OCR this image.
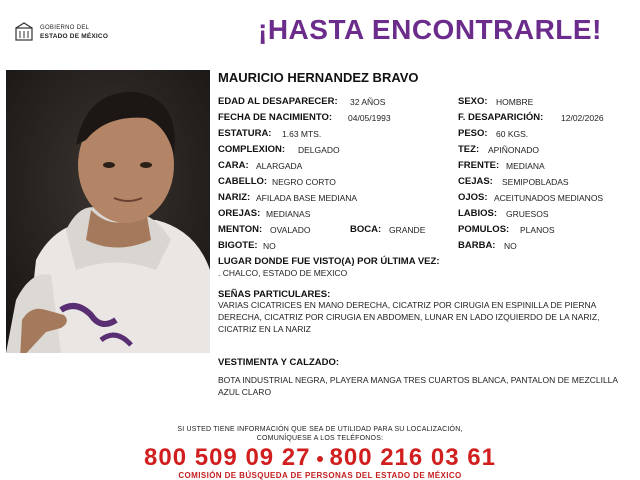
GOBIERNO DEL
ESTADO DE MÉXICO	¡HASTA ENCONTRARLE!
MAURICIO HERNANDEZ BRAVO
EDAD AL DESAPARECER: 32 AÑOS
FECHA DE NACIMIENTO: 04/05/1993
ESTATURA: 1.63 MTS.
COMPLEXION: DELGADO
CARA: ALARGADA
CABELLO: NEGRO CORTO
NARIZ: AFILADA BASE MEDIANA
OREJAS: MEDIANAS
MENTON: OVALADO
BIGOTE: NO
BOCA: GRANDE
SEXO: HOMBRE
F. DESAPARICIÓN: 12/02/2026
PESO: 60 KGS.
TEZ: APIÑONADO
FRENTE: MEDIANA
CEJAS: SEMIPOBLADAS
OJOS: ACEITUNADOS MEDIANOS
LABIOS: GRUESOS
POMULOS: PLANOS
BARBA: NO
LUGAR DONDE FUE VISTO(A) POR ÚLTIMA VEZ:
. CHALCO, ESTADO DE MEXICO
SEÑAS PARTICULARES:
VARIAS CICATRICES EN MANO DERECHA, CICATRIZ POR CIRUGIA EN ESPINILLA DE PIERNA DERECHA, CICATRIZ POR CIRUGIA EN ABDOMEN, LUNAR EN LADO IZQUIERDO DE LA NARIZ, CICATRIZ EN LA NARIZ
VESTIMENTA Y CALZADO:
BOTA INDUSTRIAL NEGRA, PLAYERA MANGA TRES CUARTOS BLANCA, PANTALON DE MEZCLILLA AZUL CLARO
SI USTED TIENE INFORMACIÓN QUE SEA DE UTILIDAD PARA SU LOCALIZACIÓN,
COMUNÍQUESE A LOS TELÉFONOS:
800 509 09 27 800 216 03 61
COMISIÓN DE BÚSQUEDA DE PERSONAS DEL ESTADO DE MÉXICO
